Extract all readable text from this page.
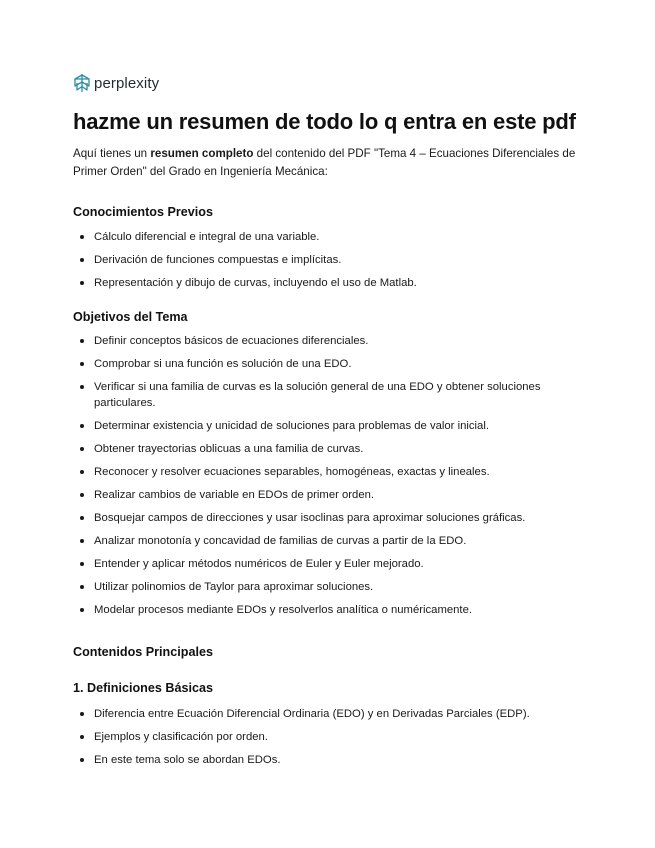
perplexity
hazme un resumen de todo lo q entra en este pdf

Aquí tienes un resumen completo del contenido del PDF "Tema 4 – Ecuaciones Diferenciales de Primer Orden" del Grado en Ingeniería Mecánica:

Conocimientos Previos
Cálculo diferencial e integral de una variable.
Derivación de funciones compuestas e implícitas.
Representación y dibujo de curvas, incluyendo el uso de Matlab.
Objetivos del Tema
Definir conceptos básicos de ecuaciones diferenciales.
Comprobar si una función es solución de una EDO.
Verificar si una familia de curvas es la solución general de una EDO y obtener soluciones particulares.
Determinar existencia y unicidad de soluciones para problemas de valor inicial.
Obtener trayectorias oblicuas a una familia de curvas.
Reconocer y resolver ecuaciones separables, homogéneas, exactas y lineales.
Realizar cambios de variable en EDOs de primer orden.
Bosquejar campos de direcciones y usar isoclinas para aproximar soluciones gráficas.
Analizar monotonía y concavidad de familias de curvas a partir de la EDO.
Entender y aplicar métodos numéricos de Euler y Euler mejorado.
Utilizar polinomios de Taylor para aproximar soluciones.
Modelar procesos mediante EDOs y resolverlos analítica o numéricamente.
Contenidos Principales
1. Definiciones Básicas
Diferencia entre Ecuación Diferencial Ordinaria (EDO) y en Derivadas Parciales (EDP).
Ejemplos y clasificación por orden.
En este tema solo se abordan EDOs.
